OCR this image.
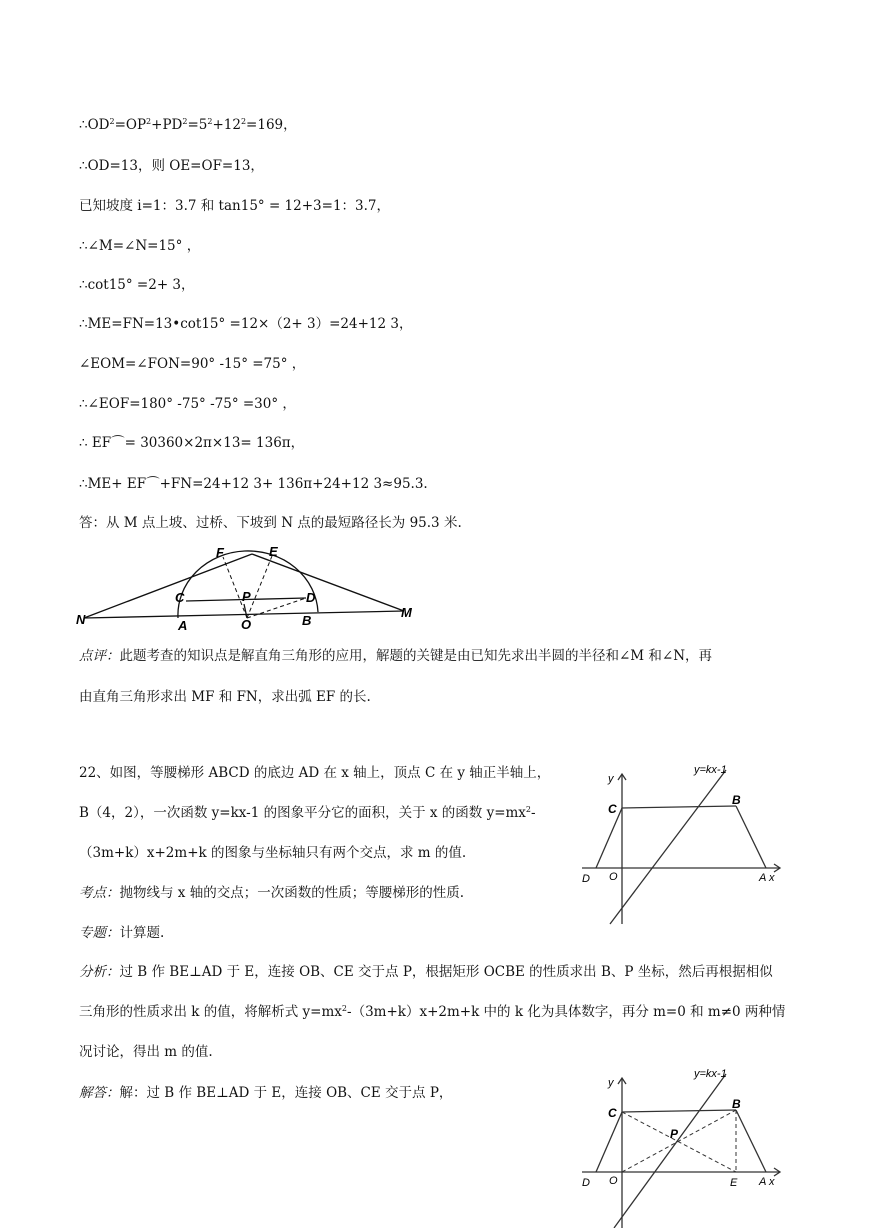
$\therefore OD^2=OP^2+PD^2=5^2+12^2=169$，
∴OD=13，则 OE=OF=13，
已知坡度 i=1：3.7 和 tan15° = 12+3=1：3.7，
∴∠M=∠N=15° ，
∴cot15° =2+ 3，
∴ME=FN=13•cot15° =12×（2+ 3）=24+12 3，
∠EOM=∠FON=90° -15° =75° ，
∴∠EOF=180° -75° -75° =30° ，
∴ EF⌒= 30360×2π×13= 136π，
∴ME+ EF⌒+FN=24+12 3+ 136π+24+12 3≈95.3.
答：从 M 点上坡、过桥、下坡到 N 点的最短路径长为 95.3 米.
N	A	O	B
M
C	P	D
F	E
点评：此题考查的知识点是解直角三角形的应用，解题的关键是由已知先求出半圆的半径和∠M 和∠N，再
由直角三角形求出 MF 和 FN，求出弧 EF 的长.
22、如图，等腰梯形 ABCD 的底边 AD 在 x 轴上，顶点 C 在 y 轴正半轴上，
B（4，2），一次函数 y=kx-1 的图象平分它的面积，关于 x 的函数 $y=mx^2-$
（3m+k）x+2m+k 的图象与坐标轴只有两个交点，求 m 的值.
考点：抛物线与 x 轴的交点；一次函数的性质；等腰梯形的性质.
专题：计算题.
分析：过 B 作 BE⊥AD 于 E，连接 OB、CE 交于点 P，根据矩形 OCBE 的性质求出 B、P 坐标，然后再根据相似
三角形的性质求出 k 的值，将解析式 $y=mx^2-(3m+k)x+2m+k$ 中的 k 化为具体数字，再分 m=0 和 m≠0 两种情
况讨论，得出 m 的值.
解答：解：过 B 作 BE⊥AD 于 E，连接 OB、CE 交于点 P，
y=kx-1
y
C
B
D O	A x
y=kx-1
y
C
B
P
D O	E A x
